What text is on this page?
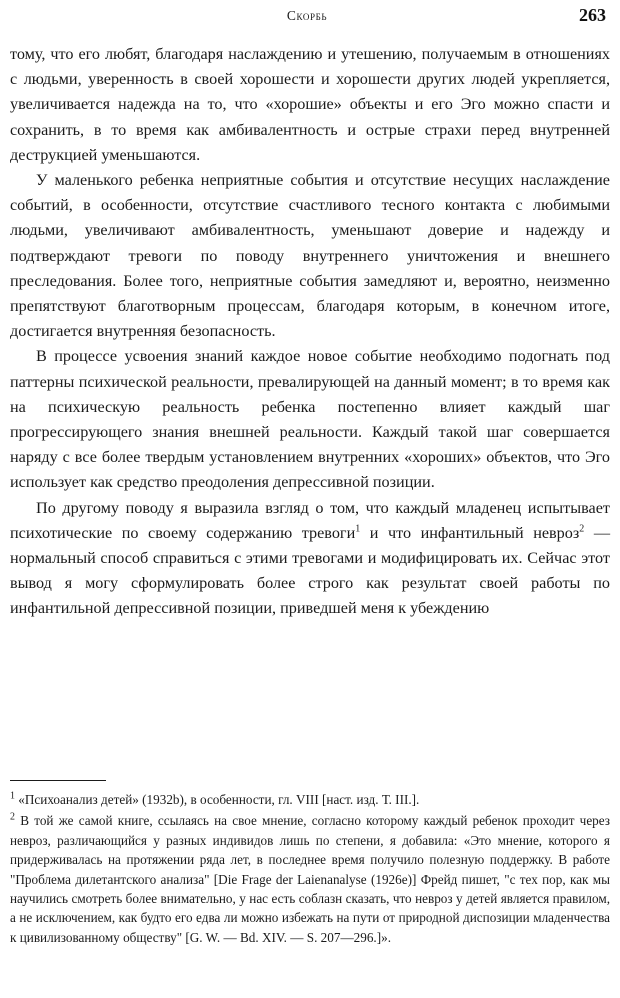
Скорбь	263

тому, что его любят, благодаря наслаждению и утешению, получаемым в отношениях с людьми, уверенность в своей хорошести и хорошести других людей укрепляется, увеличивается надежда на то, что «хорошие» объекты и его Эго можно спасти и сохранить, в то время как амбивалентность и острые страхи перед внутренней деструкцией уменьшаются.

У маленького ребенка неприятные события и отсутствие несущих наслаждение событий, в особенности, отсутствие счастливого тесного контакта с любимыми людьми, увеличивают амбивалентность, уменьшают доверие и надежду и подтверждают тревоги по поводу внутреннего уничтожения и внешнего преследования. Более того, неприятные события замедляют и, вероятно, неизменно препятствуют благотворным процессам, благодаря которым, в конечном итоге, достигается внутренняя безопасность.

В процессе усвоения знаний каждое новое событие необходимо подогнать под паттерны психической реальности, превалирующей на данный момент; в то время как на психическую реальность ребенка постепенно влияет каждый шаг прогрессирующего знания внешней реальности. Каждый такой шаг совершается наряду с все более твердым установлением внутренних «хороших» объектов, что Эго использует как средство преодоления депрессивной позиции.

По другому поводу я выразила взгляд о том, что каждый младенец испытывает психотические по своему содержанию тревоги$^1$ и что инфантильный невроз$^2$ — нормальный способ справиться с этими тревогами и модифицировать их. Сейчас этот вывод я могу сформулировать более строго как результат своей работы по инфантильной депрессивной позиции, приведшей меня к убеждению

$^1$ «Психоанализ детей» (1932b), в особенности, гл. VIII [наст. изд. Т. III.].

$^2$ В той же самой книге, ссылаясь на свое мнение, согласно которому каждый ребенок проходит через невроз, различающийся у разных индивидов лишь по степени, я добавила: «Это мнение, которого я придерживалась на протяжении ряда лет, в последнее время получило полезную поддержку. В работе "Проблема дилетантского анализа" [Die Frage der Laienanalyse (1926e)] Фрейд пишет, "с тех пор, как мы научились смотреть более внимательно, у нас есть соблазн сказать, что невроз у детей является правилом, а не исключением, как будто его едва ли можно избежать на пути от природной диспозиции младенчества к цивилизованному обществу" [G. W. — Bd. XIV. — S. 207—296.]».
